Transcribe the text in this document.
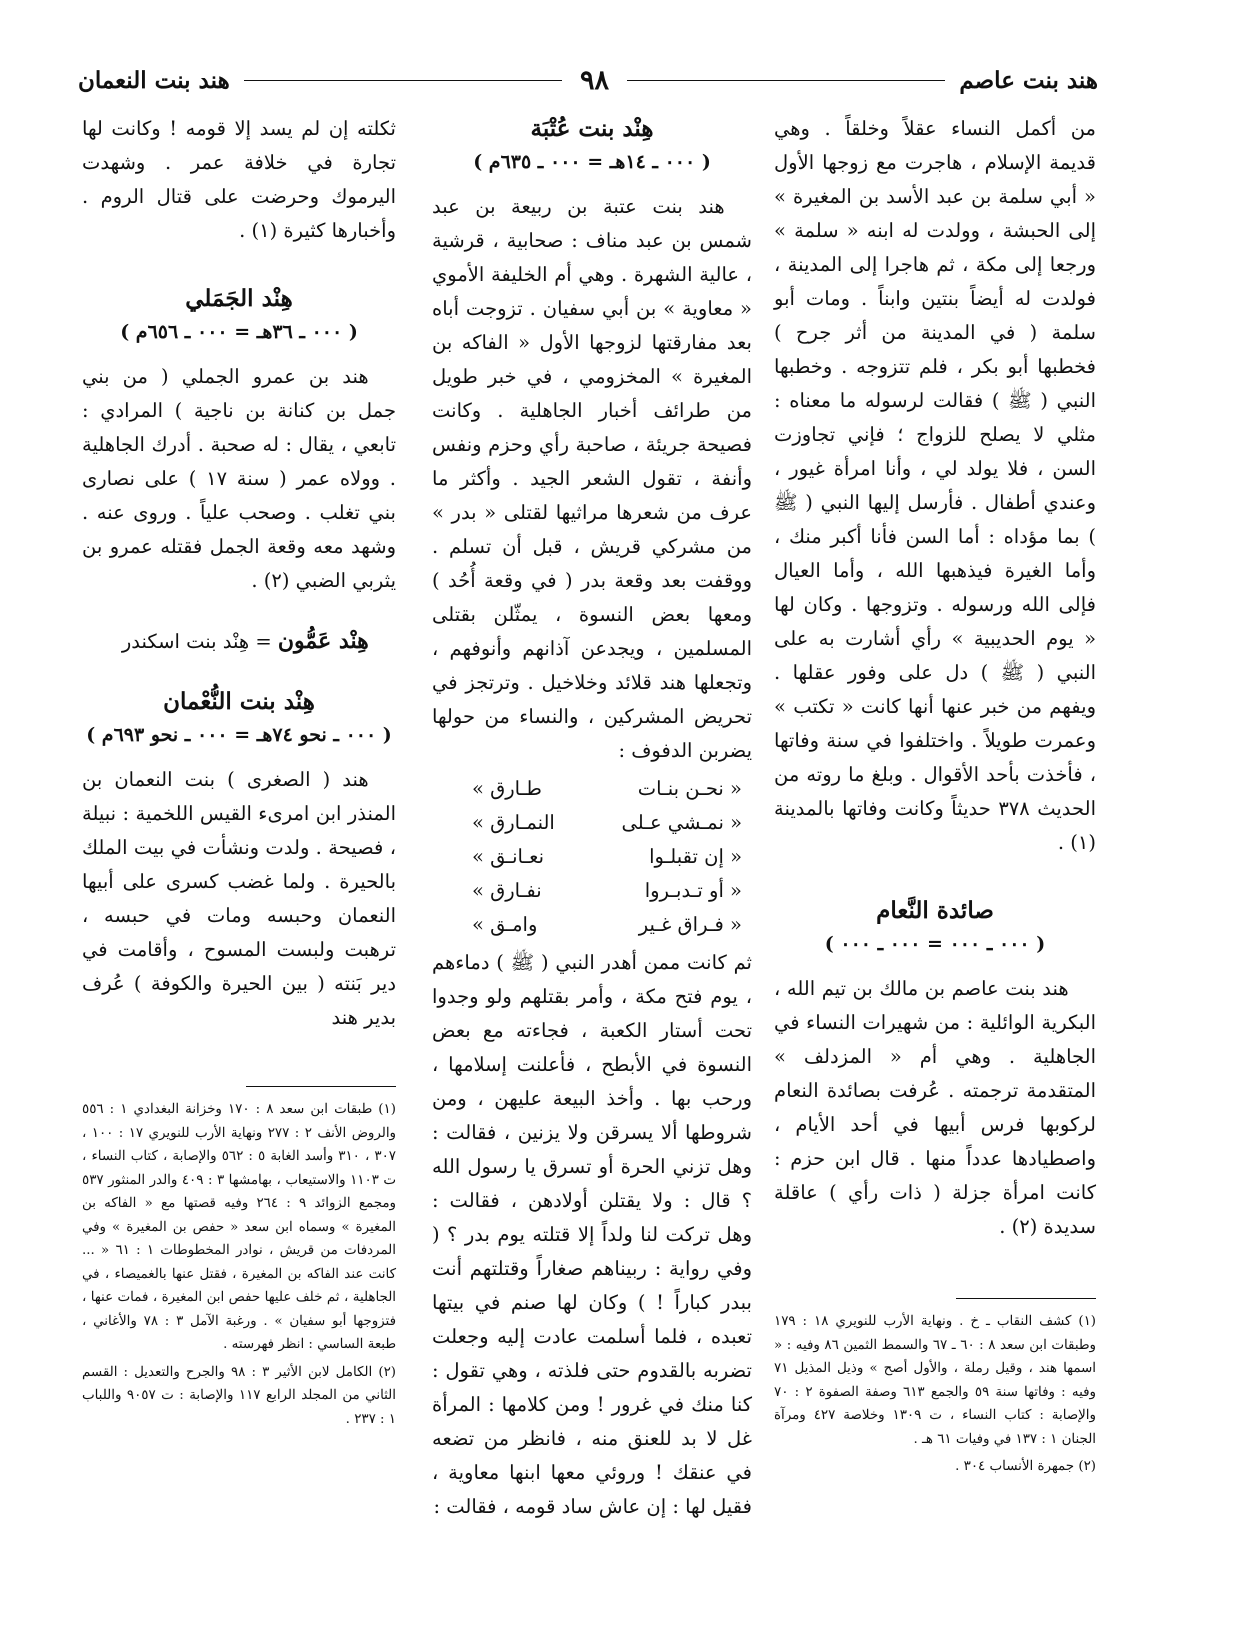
هند بنت عاصم
٩٨
هند بنت النعمان

من أكمل النساء عقلاً وخلقاً . وهي قديمة الإسلام ، هاجرت مع زوجها الأول « أبي سلمة بن عبد الأسد بن المغيرة » إلى الحبشة ، وولدت له ابنه « سلمة » ورجعا إلى مكة ، ثم هاجرا إلى المدينة ، فولدت له أيضاً بنتين وابناً . ومات أبو سلمة ( في المدينة من أثر جرح ) فخطبها أبو بكر ، فلم تتزوجه . وخطبها النبي ( ﷺ ) فقالت لرسوله ما معناه : مثلي لا يصلح للزواج ؛ فإني تجاوزت السن ، فلا يولد لي ، وأنا امرأة غيور ، وعندي أطفال . فأرسل إليها النبي ( ﷺ ) بما مؤداه : أما السن فأنا أكبر منك ، وأما الغيرة فيذهبها الله ، وأما العيال فإلى الله ورسوله . وتزوجها . وكان لها « يوم الحديبية » رأي أشارت به على النبي ( ﷺ ) دل على وفور عقلها . ويفهم من خبر عنها أنها كانت « تكتب » وعمرت طويلاً . واختلفوا في سنة وفاتها ، فأخذت بأحد الأقوال . وبلغ ما روته من الحديث ٣٧٨ حديثاً وكانت وفاتها بالمدينة (١) .

صائدة النَّعام
( ٠٠٠ ـ ٠٠٠ = ٠٠٠ ـ ٠٠٠ )

هند بنت عاصم بن مالك بن تيم الله ، البكرية الوائلية : من شهيرات النساء في الجاهلية . وهي أم « المزدلف » المتقدمة ترجمته . عُرفت بصائدة النعام لركوبها فرس أبيها في أحد الأيام ، واصطيادها عدداً منها . قال ابن حزم : كانت امرأة جزلة ( ذات رأي ) عاقلة سديدة (٢) .

(١) كشف النقاب ـ خ . ونهاية الأرب للنويري ١٨ : ١٧٩ وطبقات ابن سعد ٨ : ٦٠ ـ ٦٧ والسمط الثمين ٨٦ وفيه : « اسمها هند ، وقيل رملة ، والأول أصح » وذيل المذيل ٧١ وفيه : وفاتها سنة ٥٩ والجمع ٦١٣ وصفة الصفوة ٢ : ٧٠ والإصابة : كتاب النساء ، ت ١٣٠٩ وخلاصة ٤٢٧ ومرآة الجنان ١ : ١٣٧ في وفيات ٦١ هـ .

(٢) جمهرة الأنساب ٣٠٤ .

هِنْد بنت عُتْبَة
( ٠٠٠ ـ ١٤هـ = ٠٠٠ ـ ٦٣٥م )

هند بنت عتبة بن ربيعة بن عبد شمس بن عبد مناف : صحابية ، قرشية ، عالية الشهرة . وهي أم الخليفة الأموي « معاوية » بن أبي سفيان . تزوجت أباه بعد مفارقتها لزوجها الأول « الفاكه بن المغيرة » المخزومي ، في خبر طويل من طرائف أخبار الجاهلية . وكانت فصيحة جريئة ، صاحبة رأي وحزم ونفس وأنفة ، تقول الشعر الجيد . وأكثر ما عرف من شعرها مراثيها لقتلى « بدر » من مشركي قريش ، قبل أن تسلم . ووقفت بعد وقعة بدر ( في وقعة أُحُد ) ومعها بعض النسوة ، يمثّلن بقتلى المسلمين ، ويجدعن آذانهم وأنوفهم ، وتجعلها هند قلائد وخلاخيل . وترتجز في تحريض المشركين ، والنساء من حولها يضربن الدفوف :

« نحـن بنـات
طـارق »
« نمـشي عـلى
النمـارق »
« إن تقبلـوا
نعـانـق »
« أو تـدبـروا
نفـارق »
« فـراق غـير
وامـق »

ثم كانت ممن أهدر النبي ( ﷺ ) دماءهم ، يوم فتح مكة ، وأمر بقتلهم ولو وجدوا تحت أستار الكعبة ، فجاءته مع بعض النسوة في الأبطح ، فأعلنت إسلامها ، ورحب بها . وأخذ البيعة عليهن ، ومن شروطها ألا يسرقن ولا يزنين ، فقالت : وهل تزني الحرة أو تسرق يا رسول الله ؟ قال : ولا يقتلن أولادهن ، فقالت : وهل تركت لنا ولداً إلا قتلته يوم بدر ؟ ( وفي رواية : ربيناهم صغاراً وقتلتهم أنت ببدر كباراً ! ) وكان لها صنم في بيتها تعبده ، فلما أسلمت عادت إليه وجعلت تضربه بالقدوم حتى فلذته ، وهي تقول : كنا منك في غرور ! ومن كلامها : المرأة غل لا بد للعنق منه ، فانظر من تضعه في عنقك ! وروئي معها ابنها معاوية ، فقيل لها : إن عاش ساد قومه ، فقالت :

ثكلته إن لم يسد إلا قومه ! وكانت لها تجارة في خلافة عمر . وشهدت اليرموك وحرضت على قتال الروم . وأخبارها كثيرة (١) .

هِنْد الجَمَلي
( ٠٠٠ ـ ٣٦هـ = ٠٠٠ ـ ٦٥٦م )

هند بن عمرو الجملي ( من بني جمل بن كنانة بن ناجية ) المرادي : تابعي ، يقال : له صحبة . أدرك الجاهلية . وولاه عمر ( سنة ١٧ ) على نصارى بني تغلب . وصحب علياً . وروى عنه . وشهد معه وقعة الجمل فقتله عمرو بن يثربي الضبي (٢) .

هِنْد عَمُّون = هِنْد بنت اسكندر

هِنْد بنت النُّعْمان
( ٠٠٠ ـ نحو ٧٤هـ = ٠٠٠ ـ نحو ٦٩٣م )

هند ( الصغرى ) بنت النعمان بن المنذر ابن امرىء القيس اللخمية : نبيلة ، فصيحة . ولدت ونشأت في بيت الملك بالحيرة . ولما غضب كسرى على أبيها النعمان وحبسه ومات في حبسه ، ترهبت ولبست المسوح ، وأقامت في دير بَنته ( بين الحيرة والكوفة ) عُرف بدير هند

(١) طبقات ابن سعد ٨ : ١٧٠ وخزانة البغدادي ١ : ٥٥٦ والروض الأنف ٢ : ٢٧٧ ونهاية الأرب للنويري ١٧ : ١٠٠ ، ٣٠٧ ، ٣١٠ وأسد الغابة ٥ : ٥٦٢ والإصابة ، كتاب النساء ، ت ١١٠٣ والاستيعاب ، بهامشها ٣ : ٤٠٩ والدر المنثور ٥٣٧ ومجمع الزوائد ٩ : ٢٦٤ وفيه قصتها مع « الفاكه بن المغيرة » وسماه ابن سعد « حفص بن المغيرة » وفي المردفات من قريش ، نوادر المخطوطات ١ : ٦١ « ... كانت عند الفاكه بن المغيرة ، فقتل عنها بالغميصاء ، في الجاهلية ، ثم خلف عليها حفص ابن المغيرة ، فمات عنها ، فتزوجها أبو سفيان » . ورغبة الآمل ٣ : ٧٨ والأغاني ، طبعة الساسي : انظر فهرسته .

(٢) الكامل لابن الأثير ٣ : ٩٨ والجرح والتعديل : القسم الثاني من المجلد الرابع ١١٧ والإصابة : ت ٩٠٥٧ واللباب ١ : ٢٣٧ .
